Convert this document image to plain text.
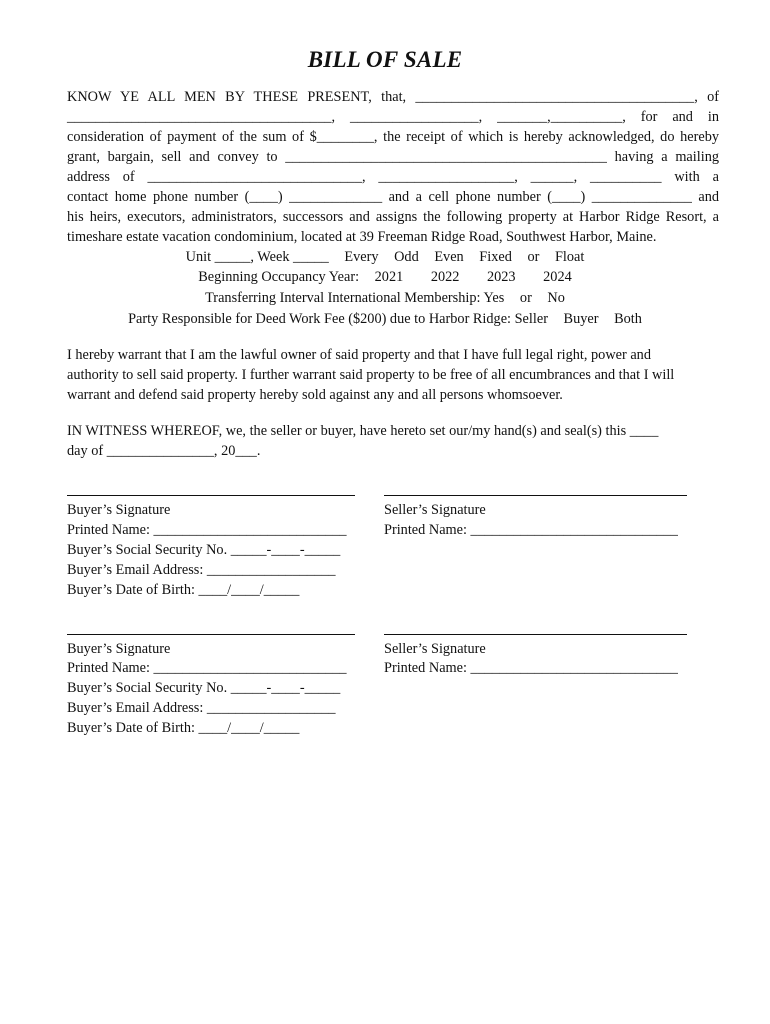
BILL OF SALE
KNOW YE ALL MEN BY THESE PRESENT, that, _______________________________________, of
_____________________________________, __________________, _______,__________, for and in
consideration of payment of the sum of $________, the receipt of which is hereby acknowledged, do hereby
grant, bargain, sell and convey to _____________________________________________ having a mailing
address of ______________________________, ___________________, ______, __________ with a
contact home phone number (____) _____________ and a cell phone number (____) ______________ and
his heirs, executors, administrators, successors and assigns the following property at Harbor Ridge Resort, a
timeshare estate vacation condominium, located at 39 Freeman Ridge Road, Southwest Harbor, Maine.
Unit _____, Week _____ Every Odd Even Fixed or Float
Beginning Occupancy Year: 2021 2022 2023 2024
Transferring Interval International Membership: Yes or No
Party Responsible for Deed Work Fee ($200) due to Harbor Ridge: Seller Buyer Both
I hereby warrant that I am the lawful owner of said property and that I have full legal right, power and
authority to sell said property. I further warrant said property to be free of all encumbrances and that I will
warrant and defend said property hereby sold against any and all persons whomsoever.
IN WITNESS WHEREOF, we, the seller or buyer, have hereto set our/my hand(s) and seal(s) this ____
day of _______________, 20___.
Buyer’s Signature
Printed Name: ___________________________
Buyer’s Social Security No. _____-____-_____
Buyer’s Email Address: __________________
Buyer’s Date of Birth: ____/____/_____
Seller’s Signature
Printed Name: _____________________________
Buyer’s Signature
Printed Name: ___________________________
Buyer’s Social Security No. _____-____-_____
Buyer’s Email Address: __________________
Buyer’s Date of Birth: ____/____/_____
Seller’s Signature
Printed Name: _____________________________
